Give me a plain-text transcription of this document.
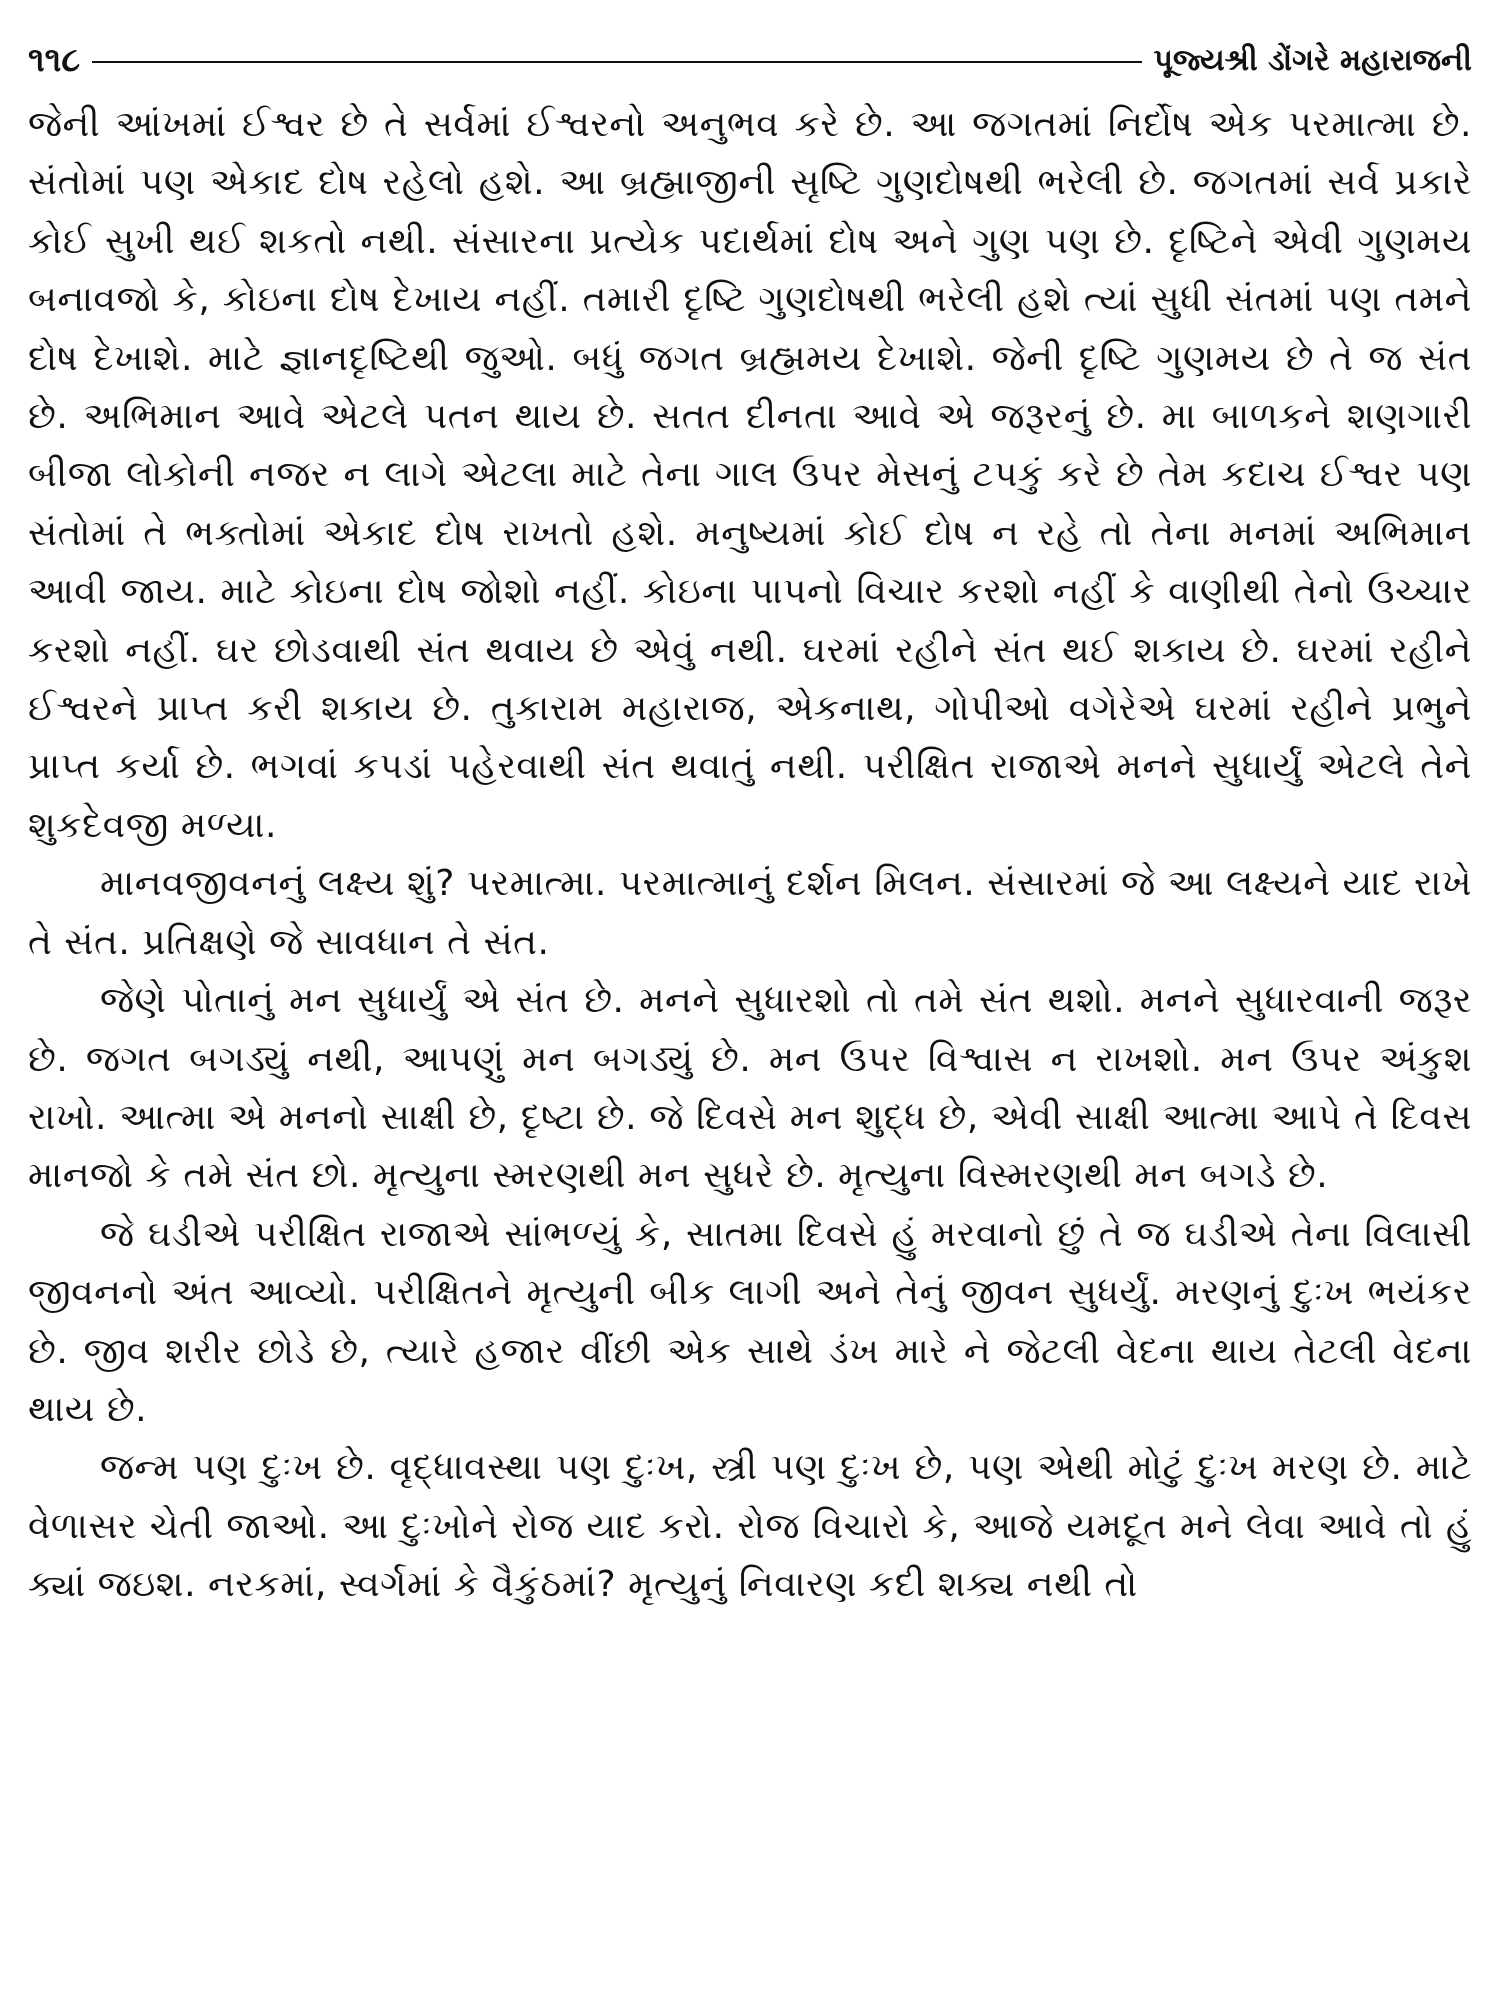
૧૧૮	પૂજ્યશ્રી ડોંગરે મહારાજની

જેની આંખમાં ઈશ્વર છે તે સર્વમાં ઈશ્વરનો અનુભવ કરે છે. આ જગતમાં નિર્દોષ એક પરમાત્મા છે. સંતોમાં પણ એકાદ દોષ રહેલો હશે. આ બ્રહ્માજીની સૃષ્ટિ ગુણદોષથી ભરેલી છે. જગતમાં સર્વ પ્રકારે કોઈ સુખી થઈ શકતો નથી. સંસારના પ્રત્યેક પદાર્થમાં દોષ અને ગુણ પણ છે. દૃષ્ટિને એવી ગુણમય બનાવજો કે, કોઇના દોષ દેખાય નહીં. તમારી દૃષ્ટિ ગુણદોષથી ભરેલી હશે ત્યાં સુધી સંતમાં પણ તમને દોષ દેખાશે. માટે જ્ઞાનદૃષ્ટિથી જુઓ. બધું જગત બ્રહ્મમય દેખાશે. જેની દૃષ્ટિ ગુણમય છે તે જ સંત છે. અભિમાન આવે એટલે પતન થાય છે. સતત દીનતા આવે એ જરૂરનું છે. મા બાળકને શણગારી બીજા લોકોની નજર ન લાગે એટલા માટે તેના ગાલ ઉપર મેસનું ટપકું કરે છે તેમ કદાચ ઈશ્વર પણ સંતોમાં તે ભક્તોમાં એકાદ દોષ રાખતો હશે. મનુષ્યમાં કોઈ દોષ ન રહે તો તેના મનમાં અભિમાન આવી જાય. માટે કોઇના દોષ જોશો નહીં. કોઇના પાપનો વિચાર કરશો નહીં કે વાણીથી તેનો ઉચ્ચાર કરશો નહીં. ઘર છોડવાથી સંત થવાય છે એવું નથી. ઘરમાં રહીને સંત થઈ શકાય છે. ઘરમાં રહીને ઈશ્વરને પ્રાપ્ત કરી શકાય છે. તુકારામ મહારાજ, એકનાથ, ગોપીઓ વગેરેએ ઘરમાં રહીને પ્રભુને પ્રાપ્ત કર્યા છે. ભગવાં કપડાં પહેરવાથી સંત થવાતું નથી. પરીક્ષિત રાજાએ મનને સુધાર્યું એટલે તેને શુકદેવજી મળ્યા.

માનવજીવનનું લક્ષ્ય શું? પરમાત્મા. પરમાત્માનું દર્શન મિલન. સંસારમાં જે આ લક્ષ્યને યાદ રાખે તે સંત. પ્રતિક્ષણે જે સાવધાન તે સંત.

જેણે પોતાનું મન સુધાર્યું એ સંત છે. મનને સુધારશો તો તમે સંત થશો. મનને સુધારવાની જરૂર છે. જગત બગડ્યું નથી, આપણું મન બગડ્યું છે. મન ઉપર વિશ્વાસ ન રાખશો. મન ઉપર અંકુશ રાખો. આત્મા એ મનનો સાક્ષી છે, દૃષ્ટા છે. જે દિવસે મન શુદ્ધ છે, એવી સાક્ષી આત્મા આપે તે દિવસ માનજો કે તમે સંત છો. મૃત્યુના સ્મરણથી મન સુધરે છે. મૃત્યુના વિસ્મરણથી મન બગડે છે.

જે ઘડીએ પરીક્ષિત રાજાએ સાંભળ્યું કે, સાતમા દિવસે હું મરવાનો છું તે જ ઘડીએ તેના વિલાસી જીવનનો અંત આવ્યો. પરીક્ષિતને મૃત્યુની બીક લાગી અને તેનું જીવન સુધર્યું. મરણનું દુઃખ ભયંકર છે. જીવ શરીર છોડે છે, ત્યારે હજાર વીંછી એક સાથે ડંખ મારે ને જેટલી વેદના થાય તેટલી વેદના થાય છે.

જન્મ પણ દુઃખ છે. વૃદ્ધાવસ્થા પણ દુઃખ, સ્ત્રી પણ દુઃખ છે, પણ એથી મોટું દુઃખ મરણ છે. માટે વેળાસર ચેતી જાઓ. આ દુઃખોને રોજ યાદ કરો. રોજ વિચારો કે, આજે યમદૂત મને લેવા આવે તો હું ક્યાં જઇશ. નરકમાં, સ્વર્ગમાં કે વૈકુંઠમાં? મૃત્યુનું નિવારણ કદી શક્ય નથી તો
